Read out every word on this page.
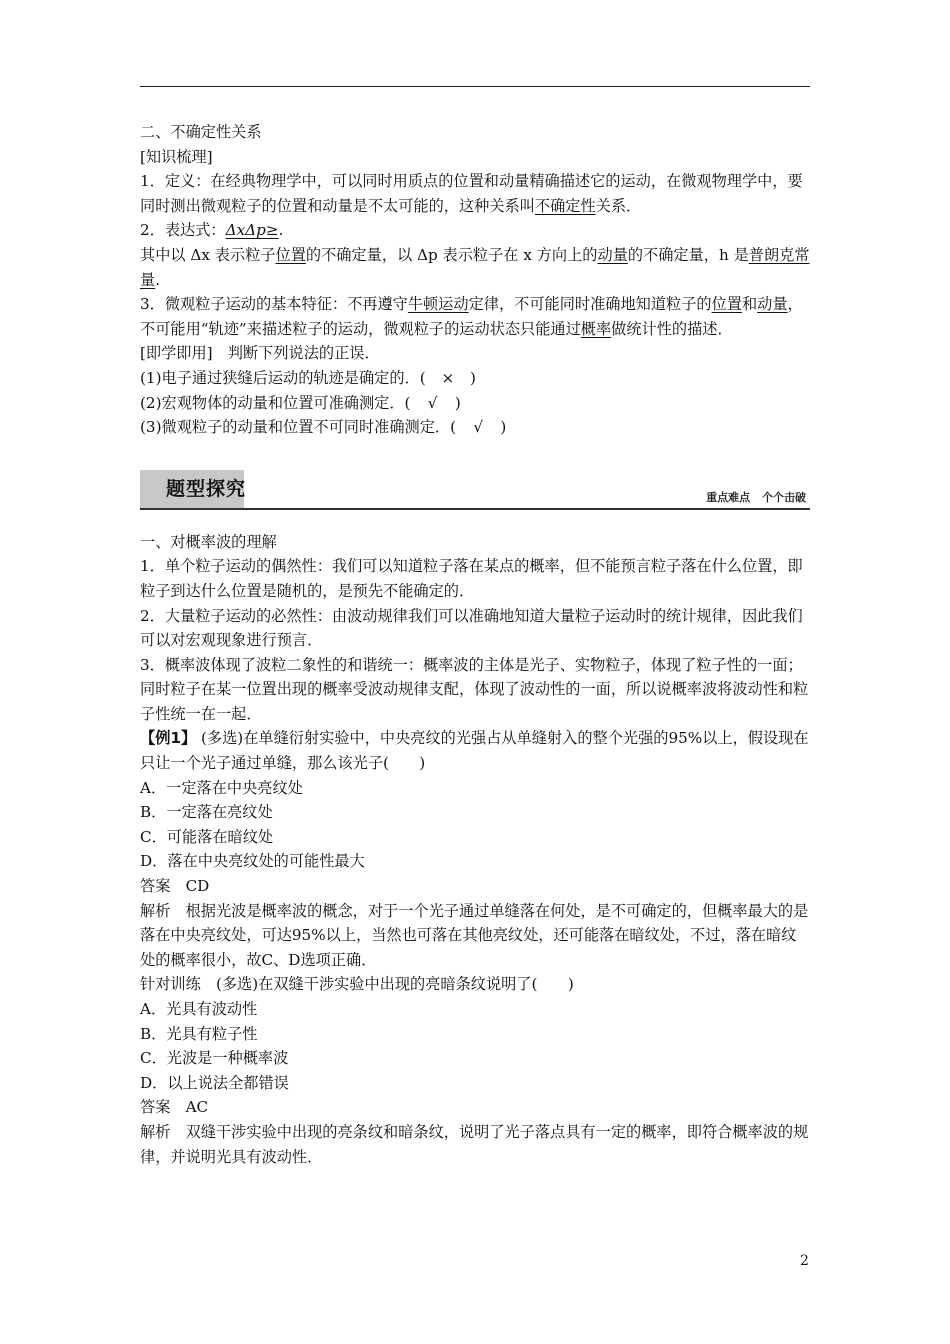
二、不确定性关系

[知识梳理]

1．定义：在经典物理学中，可以同时用质点的位置和动量精确描述它的运动，在微观物理学中，要同时测出微观粒子的位置和动量是不太可能的，这种关系叫不确定性关系．

2．表达式：ΔxΔp≥.

其中以 Δx 表示粒子位置的不确定量，以 Δp 表示粒子在 x 方向上的动量的不确定量，h 是普朗克常量.

3．微观粒子运动的基本特征：不再遵守牛顿运动定律，不可能同时准确地知道粒子的位置和动量，不可能用“轨迹”来描述粒子的运动，微观粒子的运动状态只能通过概率做统计性的描述．

[即学即用]　判断下列说法的正误．

(1)电子通过狭缝后运动的轨迹是确定的．(　 ×　 )

(2)宏观物体的动量和位置可准确测定．(　 √　 )

(3)微观粒子的动量和位置不可同时准确测定．(　 √　 )

题型探究	重点难点 个个击破

一、对概率波的理解

1．单个粒子运动的偶然性：我们可以知道粒子落在某点的概率，但不能预言粒子落在什么位置，即粒子到达什么位置是随机的，是预先不能确定的．

2．大量粒子运动的必然性：由波动规律我们可以准确地知道大量粒子运动时的统计规律，因此我们可以对宏观现象进行预言．

3．概率波体现了波粒二象性的和谐统一：概率波的主体是光子、实物粒子，体现了粒子性的一面；同时粒子在某一位置出现的概率受波动规律支配，体现了波动性的一面，所以说概率波将波动性和粒子性统一在一起．

【例1】 (多选)在单缝衍射实验中，中央亮纹的光强占从单缝射入的整个光强的95%以上，假设现在只让一个光子通过单缝，那么该光子(　　)

A．一定落在中央亮纹处

B．一定落在亮纹处

C．可能落在暗纹处

D．落在中央亮纹处的可能性最大

答案　CD

解析　根据光波是概率波的概念，对于一个光子通过单缝落在何处，是不可确定的，但概率最大的是落在中央亮纹处，可达95%以上，当然也可落在其他亮纹处，还可能落在暗纹处，不过，落在暗纹处的概率很小，故C、D选项正确．

针对训练　(多选)在双缝干涉实验中出现的亮暗条纹说明了(　　)

A．光具有波动性

B．光具有粒子性

C．光波是一种概率波

D．以上说法全都错误

答案　AC

解析　双缝干涉实验中出现的亮条纹和暗条纹，说明了光子落点具有一定的概率，即符合概率波的规律，并说明光具有波动性．

2
